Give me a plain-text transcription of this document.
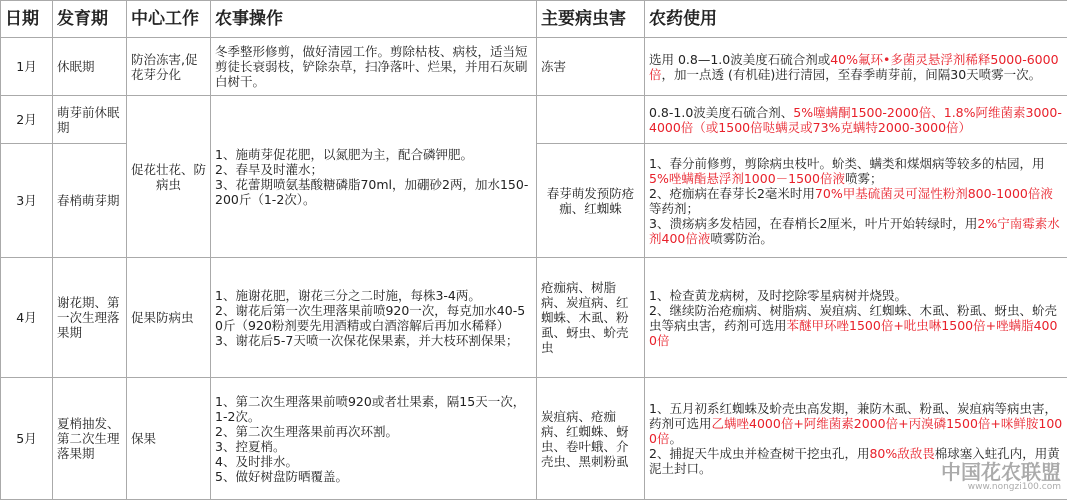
日期	发育期	中心工作	农事操作	主要病虫害	农药使用
1月	休眠期	防治冻害,促花芽分化	冬季整形修剪，做好清园工作。剪除枯枝、病枝，适当短剪徒长衰弱枝，铲除杂草，扫净落叶、烂果，并用石灰刷白树干。	冻害	选用 0.8—1.0波美度石硫合剂或40%氟环•多菌灵悬浮剂稀释5000-6000倍，加一点透 (有机硅)进行清园，至春季萌芽前，间隔30天喷雾一次。
2月	萌芽前休眠期	促花壮花、防病虫	1、施萌芽促花肥，以氮肥为主，配合磷钾肥。
2、春旱及时灌水；
3、花蕾期喷氨基酸糖磷脂70ml，加硼砂2两，加水150-200斤（1-2次）。		0.8-1.0波美度石硫合剂、5%噻螨酮1500-2000倍、1.8%阿维菌素3000-4000倍（或1500倍哒螨灵或73%克螨特2000-3000倍）
3月	春梢萌芽期			春芽萌发预防疮痂、红蜘蛛	1、春分前修剪，剪除病虫枝叶。蚧类、螨类和煤烟病等较多的枯园，用5%唑螨酯悬浮剂1000－1500倍液喷雾；
2、疮痂病在春芽长2毫米时用70%甲基硫菌灵可湿性粉剂800-1000倍液等药剂；
3、溃疡病多发桔园，在春梢长2厘米，叶片开始转绿时，用2%宁南霉素水剂400倍液喷雾防治。

4月	谢花期、第一次生理落果期	促果防病虫	1、施谢花肥，谢花三分之二时施，每株3-4两。
2、谢花后第一次生理落果前喷920一次，每克加水40-50斤（920粉剂要先用酒精或白酒溶解后再加水稀释）
3、谢花后5-7天喷一次保花保果素，并大枝环割保果；	疮痂病、树脂病、炭疽病、红蜘蛛、木虱、粉虱、蚜虫、蚧壳虫	1、检查黄龙病树，及时挖除零星病树并烧毁。
2、继续防治疮痂病、树脂病、炭疽病、红蜘蛛、木虱、粉虱、蚜虫、蚧壳虫等病虫害，药剂可选用苯醚甲环唑1500倍+吡虫啉1500倍+唑螨脂4000倍

5月	夏梢抽发、第二次生理落果期	保果	1、第二次生理落果前喷920或者壮果素，隔15天一次，1-2次。
2、第二次生理落果前再次环割。
3、控夏梢。
4、及时排水。
5、做好树盘防晒覆盖。	炭疽病、疮痂病、红蜘蛛、蚜虫、卷叶蛾、介壳虫、黑刺粉虱	1、五月初系红蜘蛛及蚧壳虫高发期，兼防木虱、粉虱、炭疽病等病虫害，药剂可选用乙螨唑4000倍+阿维菌素2000倍+丙溴磷1500倍+咪鲜胺1000倍。
2、捕捉天牛成虫并检查树干挖虫孔，用80%敌敌畏棉球塞入蛀孔内，用黄泥土封口。 中国花农联盟
www.nongzi100.com
